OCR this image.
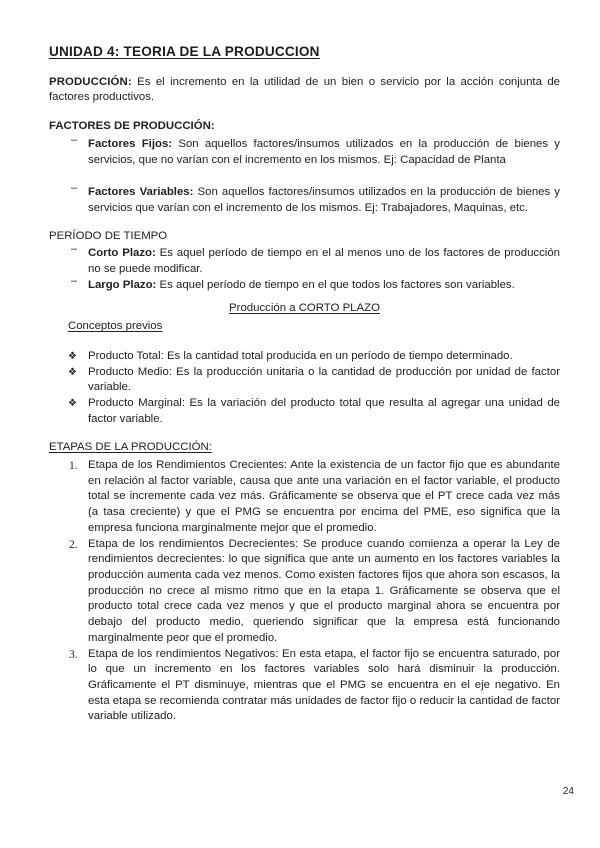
UNIDAD 4: TEORIA DE LA PRODUCCION

PRODUCCIÓN: Es el incremento en la utilidad de un bien o servicio por la acción conjunta de factores productivos.

FACTORES DE PRODUCCIÓN:
– Factores Fijos: Son aquellos factores/insumos utilizados en la producción de bienes y servicios, que no varían con el incremento en los mismos. Ej: Capacidad de Planta
– Factores Variables: Son aquellos factores/insumos utilizados en la producción de bienes y servicios que varían con el incremento de los mismos. Ej: Trabajadores, Maquinas, etc.
PERÍODO DE TIEMPO
– Corto Plazo: Es aquel período de tiempo en el al menos uno de los factores de producción no se puede modificar.
– Largo Plazo: Es aquel período de tiempo en el que todos los factores son variables.
Producción a CORTO PLAZO
Conceptos previos
❖ Producto Total: Es la cantidad total producida en un período de tiempo determinado.
❖ Producto Medio: Es la producción unitaria o la cantidad de producción por unidad de factor variable.
❖ Producto Marginal: Es la variación del producto total que resulta al agregar una unidad de factor variable.
ETAPAS DE LA PRODUCCIÓN:
1. Etapa de los Rendimientos Crecientes: Ante la existencia de un factor fijo que es abundante en relación al factor variable, causa que ante una variación en el factor variable, el producto total se incremente cada vez más. Gráficamente se observa que el PT crece cada vez más (a tasa creciente) y que el PMG se encuentra por encima del PME, eso significa que la empresa funciona marginalmente mejor que el promedio.
2. Etapa de los rendimientos Decrecientes: Se produce cuando comienza a operar la Ley de rendimientos decrecientes: lo que significa que ante un aumento en los factores variables la producción aumenta cada vez menos. Como existen factores fijos que ahora son escasos, la producción no crece al mismo ritmo que en la etapa 1. Gráficamente se observa que el producto total crece cada vez menos y que el producto marginal ahora se encuentra por debajo del producto medio, queriendo significar que la empresa está funcionando marginalmente peor que el promedio.
3. Etapa de los rendimientos Negativos: En esta etapa, el factor fijo se encuentra saturado, por lo que un incremento en los factores variables solo hará disminuir la producción. Gráficamente el PT disminuye, mientras que el PMG se encuentra en el eje negativo. En esta etapa se recomienda contratar más unidades de factor fijo o reducir la cantidad de factor variable utilizado.
24
